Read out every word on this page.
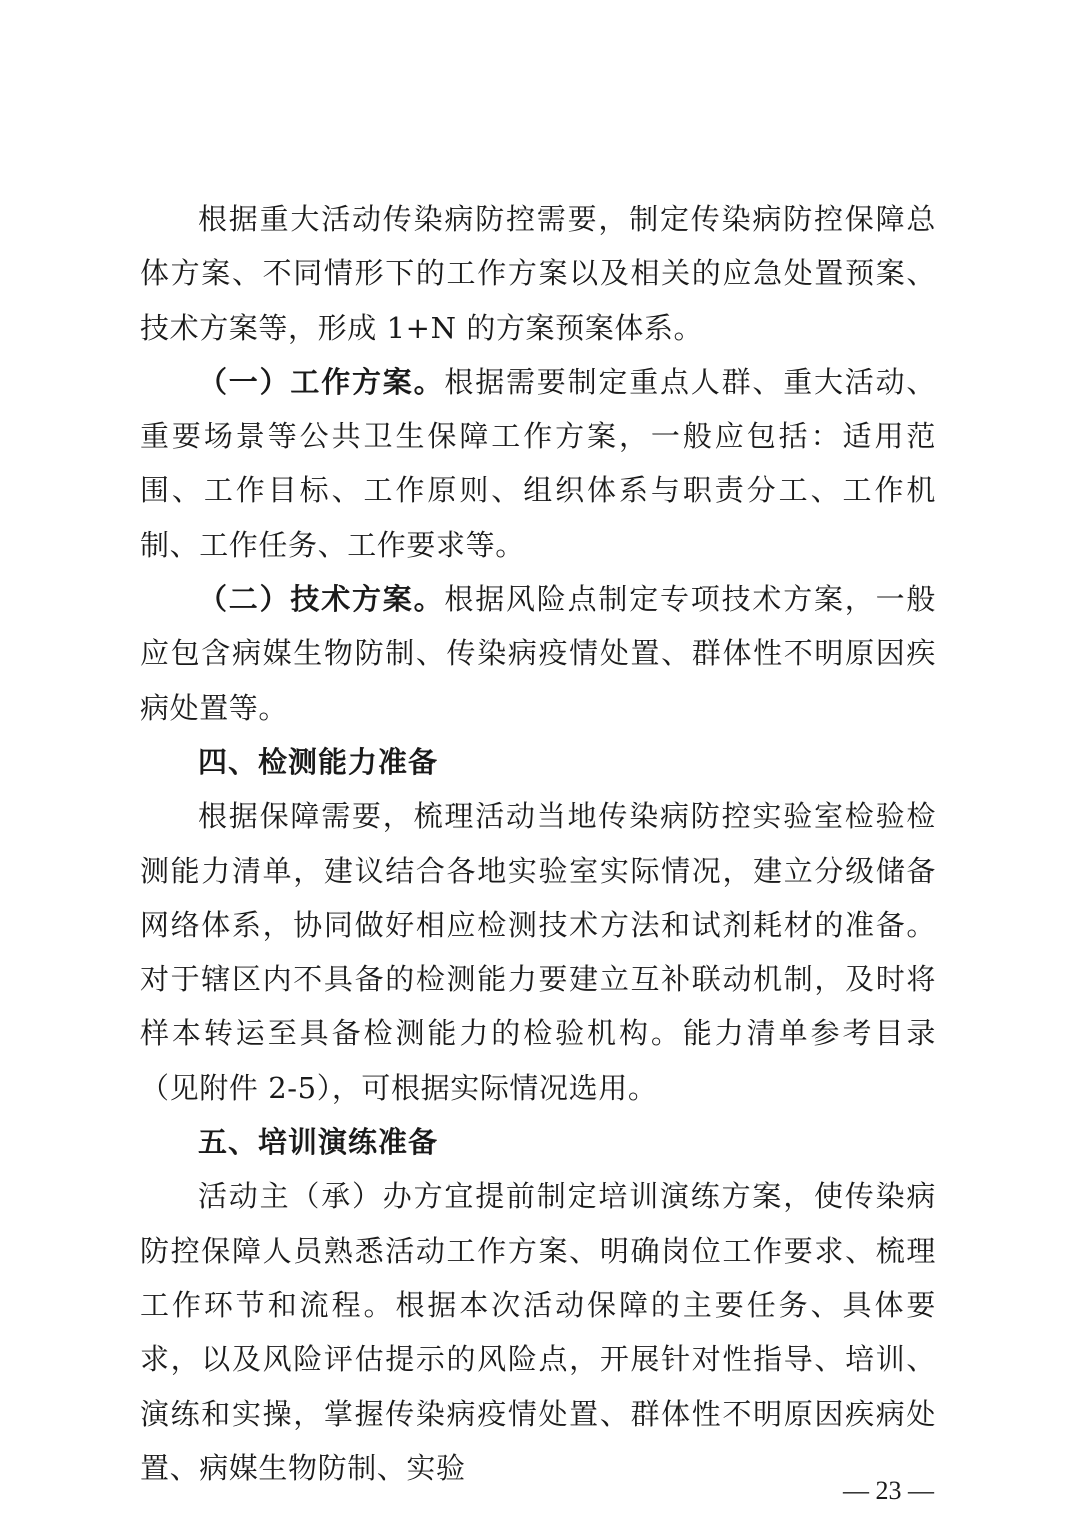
根据重大活动传染病防控需要，制定传染病防控保障总体方案、不同情形下的工作方案以及相关的应急处置预案、技术方案等，形成 1+N 的方案预案体系。

（一）工作方案。根据需要制定重点人群、重大活动、重要场景等公共卫生保障工作方案，一般应包括：适用范围、工作目标、工作原则、组织体系与职责分工、工作机制、工作任务、工作要求等。

（二）技术方案。根据风险点制定专项技术方案，一般应包含病媒生物防制、传染病疫情处置、群体性不明原因疾病处置等。

四、检测能力准备

根据保障需要，梳理活动当地传染病防控实验室检验检测能力清单，建议结合各地实验室实际情况，建立分级储备网络体系，协同做好相应检测技术方法和试剂耗材的准备。对于辖区内不具备的检测能力要建立互补联动机制，及时将样本转运至具备检测能力的检验机构。能力清单参考目录（见附件 2-5），可根据实际情况选用。

五、培训演练准备

活动主（承）办方宜提前制定培训演练方案，使传染病防控保障人员熟悉活动工作方案、明确岗位工作要求、梳理工作环节和流程。根据本次活动保障的主要任务、具体要求，以及风险评估提示的风险点，开展针对性指导、培训、演练和实操，掌握传染病疫情处置、群体性不明原因疾病处置、病媒生物防制、实验

— 23 —
